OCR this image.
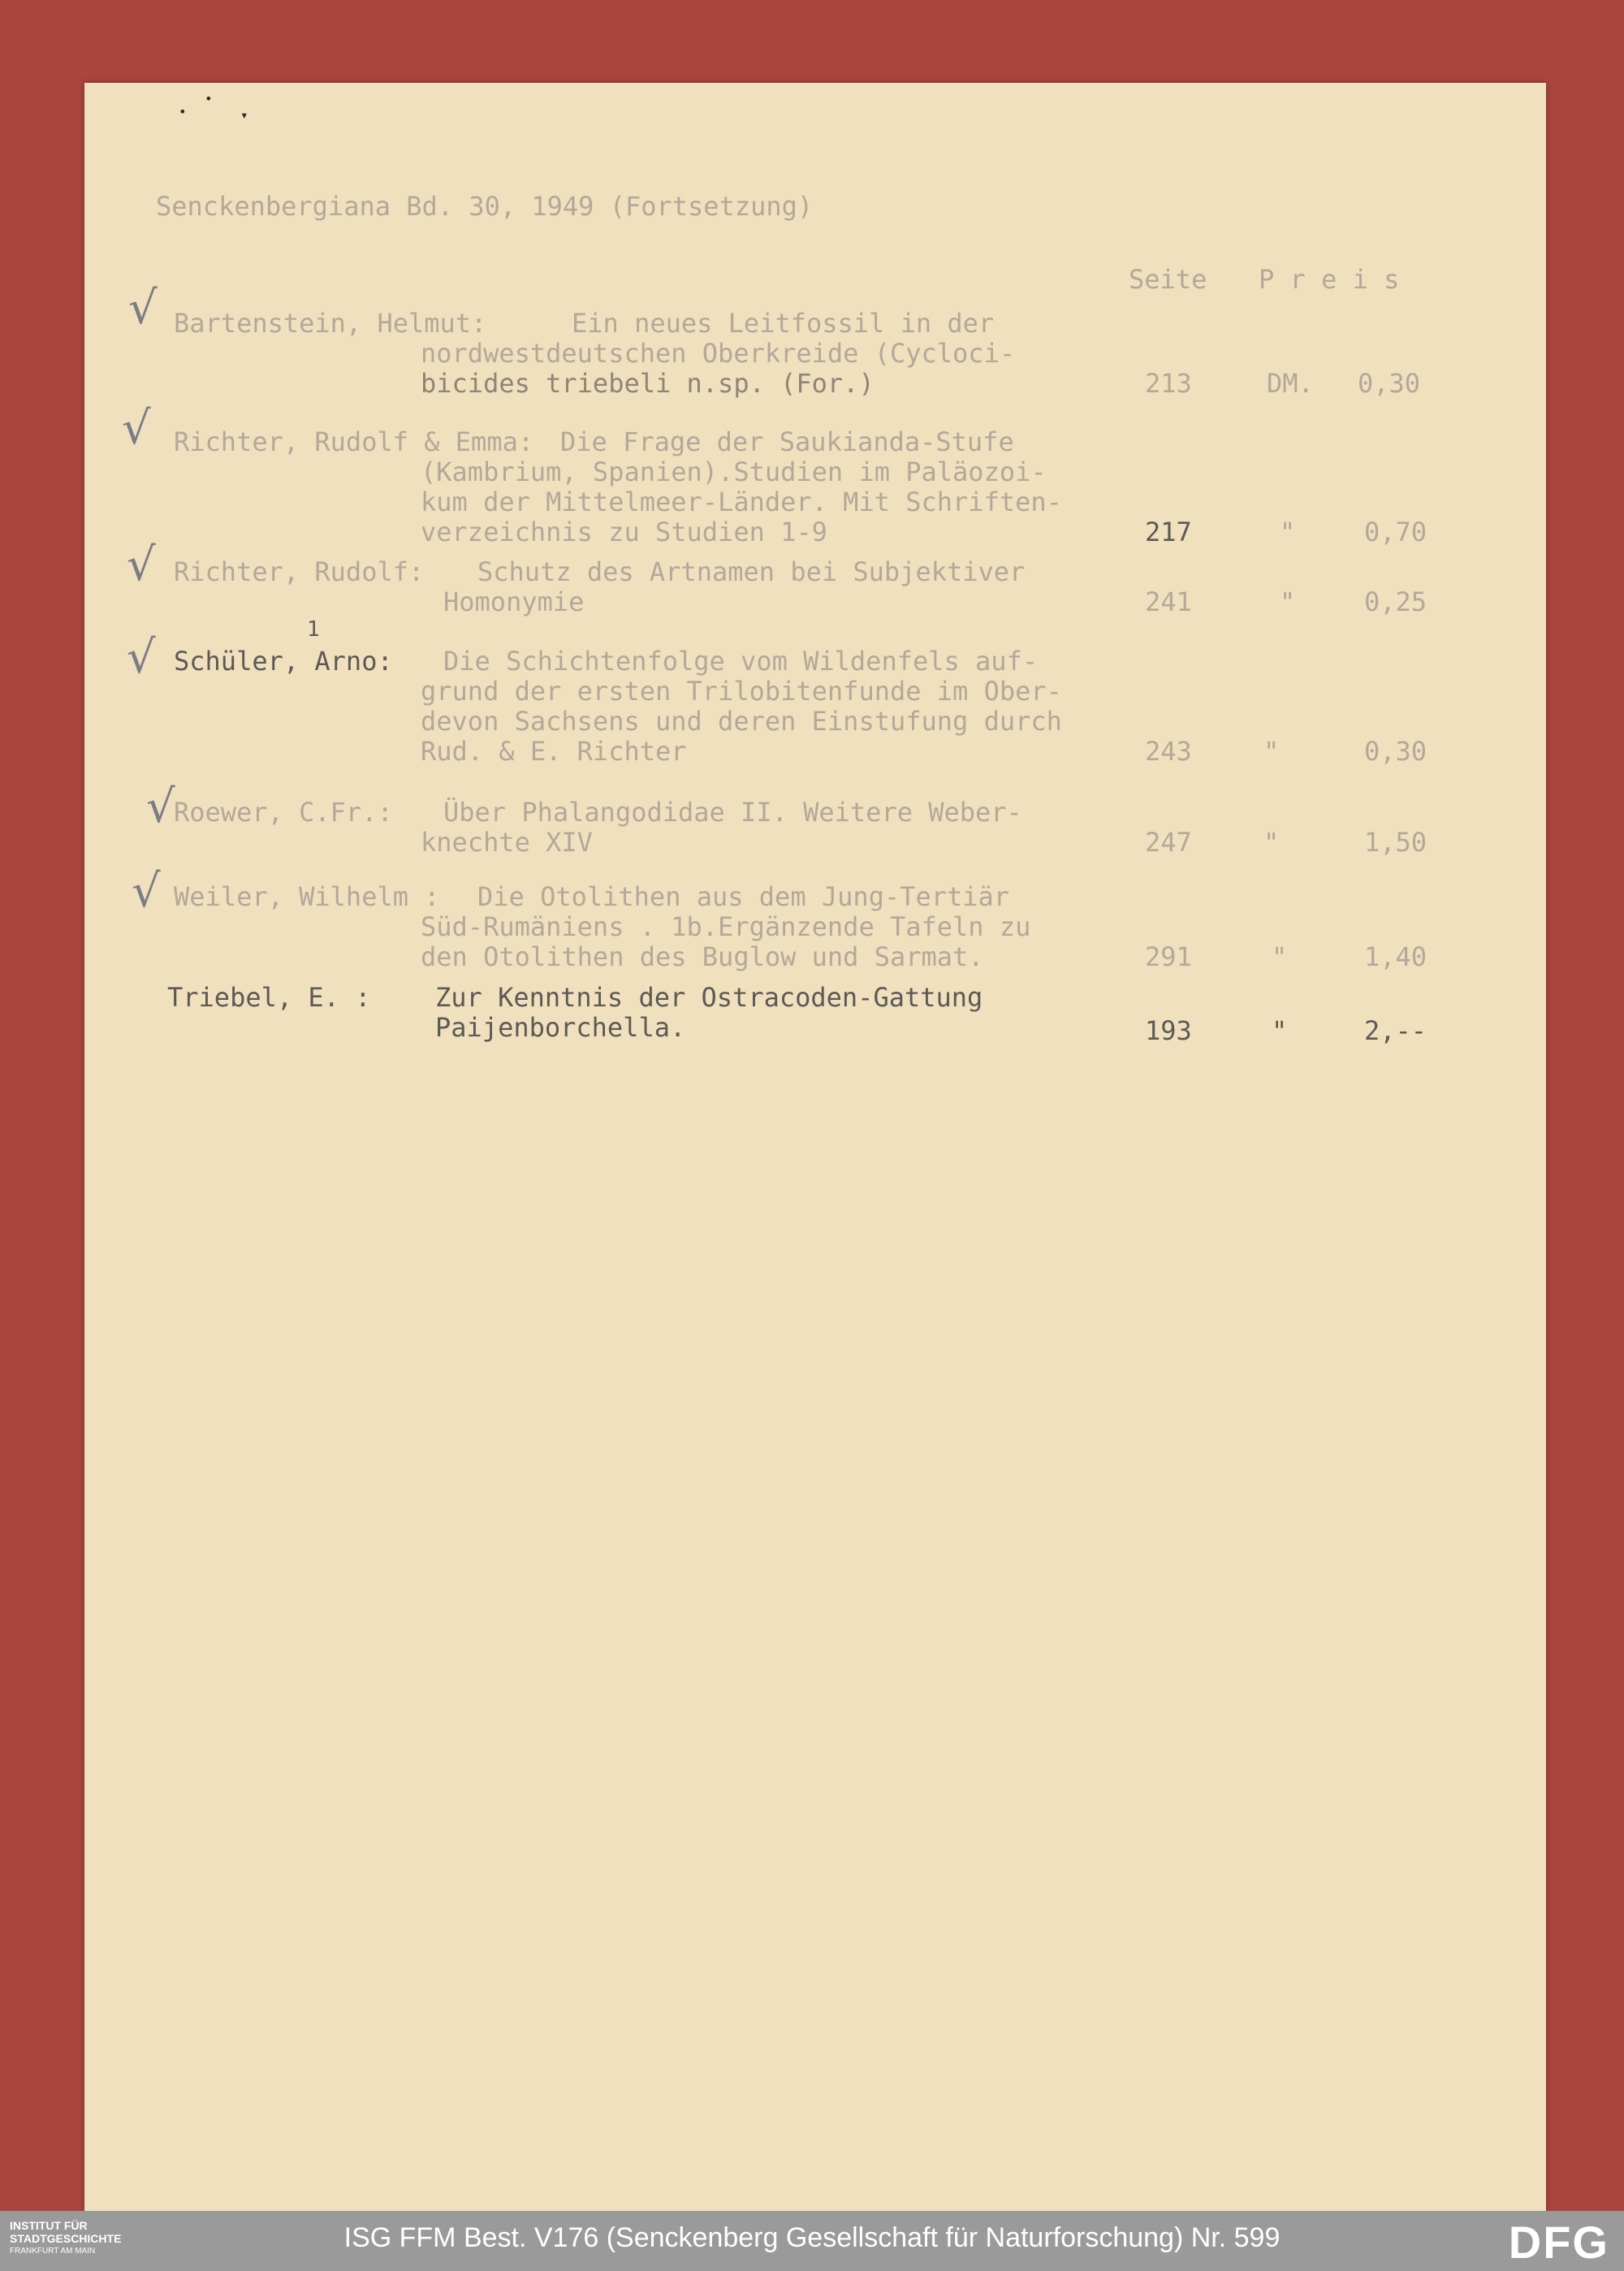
•
•
▾
Senckenbergiana Bd. 30, 1949 (Fortsetzung)
Seite P r e i s
√ Bartenstein, Helmut:	Ein neues Leitfossil in der
nordwestdeutschen Oberkreide (Cycloci-
bicides triebeli n.sp. (For.)	213	DM. 0,30
√ Richter, Rudolf & Emma: Die Frage der Saukianda-Stufe
(Kambrium, Spanien).Studien im Paläozoi-
kum der Mittelmeer-Länder. Mit Schriften-
verzeichnis zu Studien 1-9	217	"	0,70
√ Richter, Rudolf: Schutz des Artnamen bei Subjektiver
Homonymie	241	"	0,25
√
1
Schüler, Arno: Die Schichtenfolge vom Wildenfels auf-
grund der ersten Trilobitenfunde im Ober-
devon Sachsens und deren Einstufung durch
Rud. & E. Richter	243	"	0,30
√
Roewer, C.Fr.: Über Phalangodidae II. Weitere Weber-
knechte XIV	247	"	1,50
√ Weiler, Wilhelm : Die Otolithen aus dem Jung-Tertiär
Süd-Rumäniens . 1b.Ergänzende Tafeln zu
den Otolithen des Buglow und Sarmat.	291	"	1,40
Triebel, E. : Zur Kenntnis der Ostracoden-Gattung
Paijenborchella.	193	"	2,--
INSTITUT FÜR
STADTGESCHICHTE
FRANKFURT AM MAIN	ISG FFM Best. V176 (Senckenberg Gesellschaft für Naturforschung) Nr. 599	DFG
